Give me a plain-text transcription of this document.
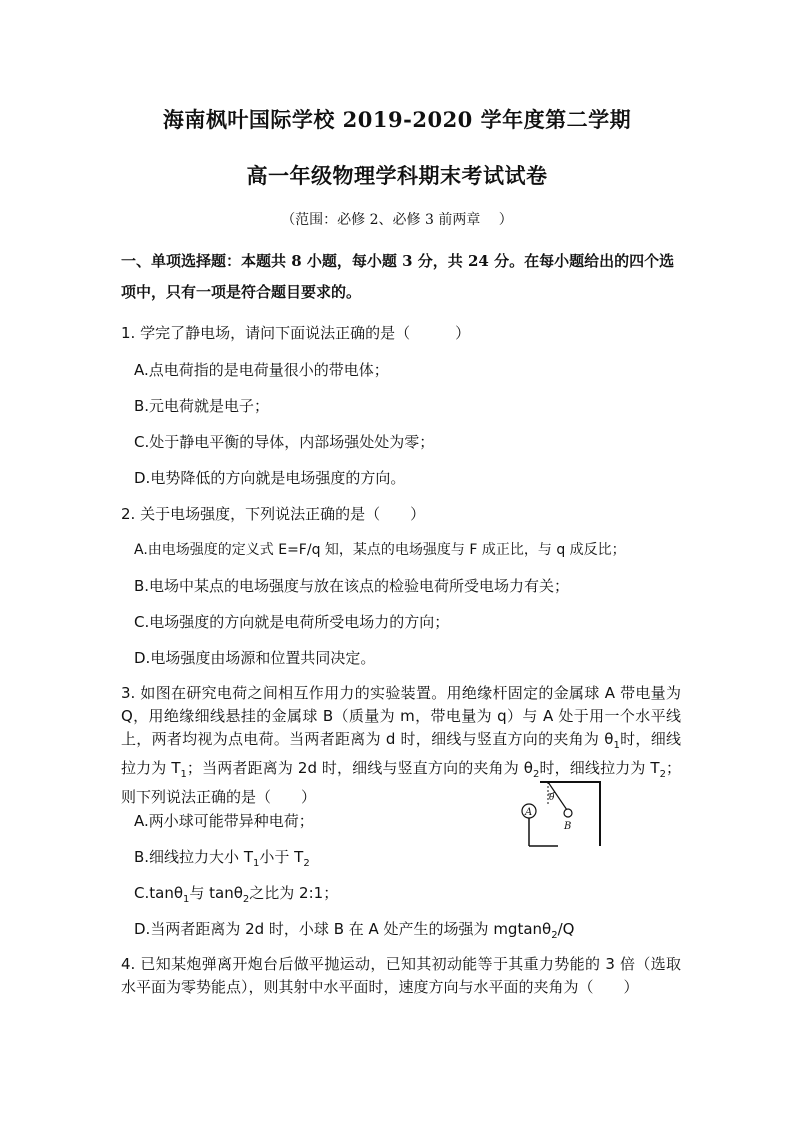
海南枫叶国际学校 2019-2020 学年度第二学期
高一年级物理学科期末考试试卷
（范围：必修 2、必修 3 前两章　 ）
一、单项选择题：本题共 8 小题，每小题 3 分，共 24 分。在每小题给出的四个选项中，只有一项是符合题目要求的。
1. 学完了静电场，请问下面说法正确的是（　　　）
A.点电荷指的是电荷量很小的带电体；
B.元电荷就是电子；
C.处于静电平衡的导体，内部场强处处为零；
D.电势降低的方向就是电场强度的方向。
2. 关于电场强度，下列说法正确的是（　　）
A.由电场强度的定义式 E=F/q 知，某点的电场强度与 F 成正比，与 q 成反比；
B.电场中某点的电场强度与放在该点的检验电荷所受电场力有关；
C.电场强度的方向就是电荷所受电场力的方向；
D.电场强度由场源和位置共同决定。
3. 如图在研究电荷之间相互作用力的实验装置。用绝缘杆固定的金属球 A 带电量为 Q，用绝缘细线悬挂的金属球 B（质量为 m，带电量为 q）与 A 处于用一个水平线上，两者均视为点电荷。当两者距离为 d 时，细线与竖直方向的夹角为 $\theta_1$时，细线拉力为 $T_1$；当两者距离为 2d 时，细线与竖直方向的夹角为 $\theta_2$时，细线拉力为 $T_2$；则下列说法正确的是（　　）
A.两小球可能带异种电荷；
B.细线拉力大小 $T_1$小于 $T_2$
C.tanθ$_1$与 tanθ$_2$之比为 2:1；
D.当两者距离为 2d 时，小球 B 在 A 处产生的场强为 mgtanθ$_2$/Q
θ
B
A
4. 已知某炮弹离开炮台后做平抛运动，已知其初动能等于其重力势能的 3 倍（选取水平面为零势能点），则其射中水平面时，速度方向与水平面的夹角为（　　）
